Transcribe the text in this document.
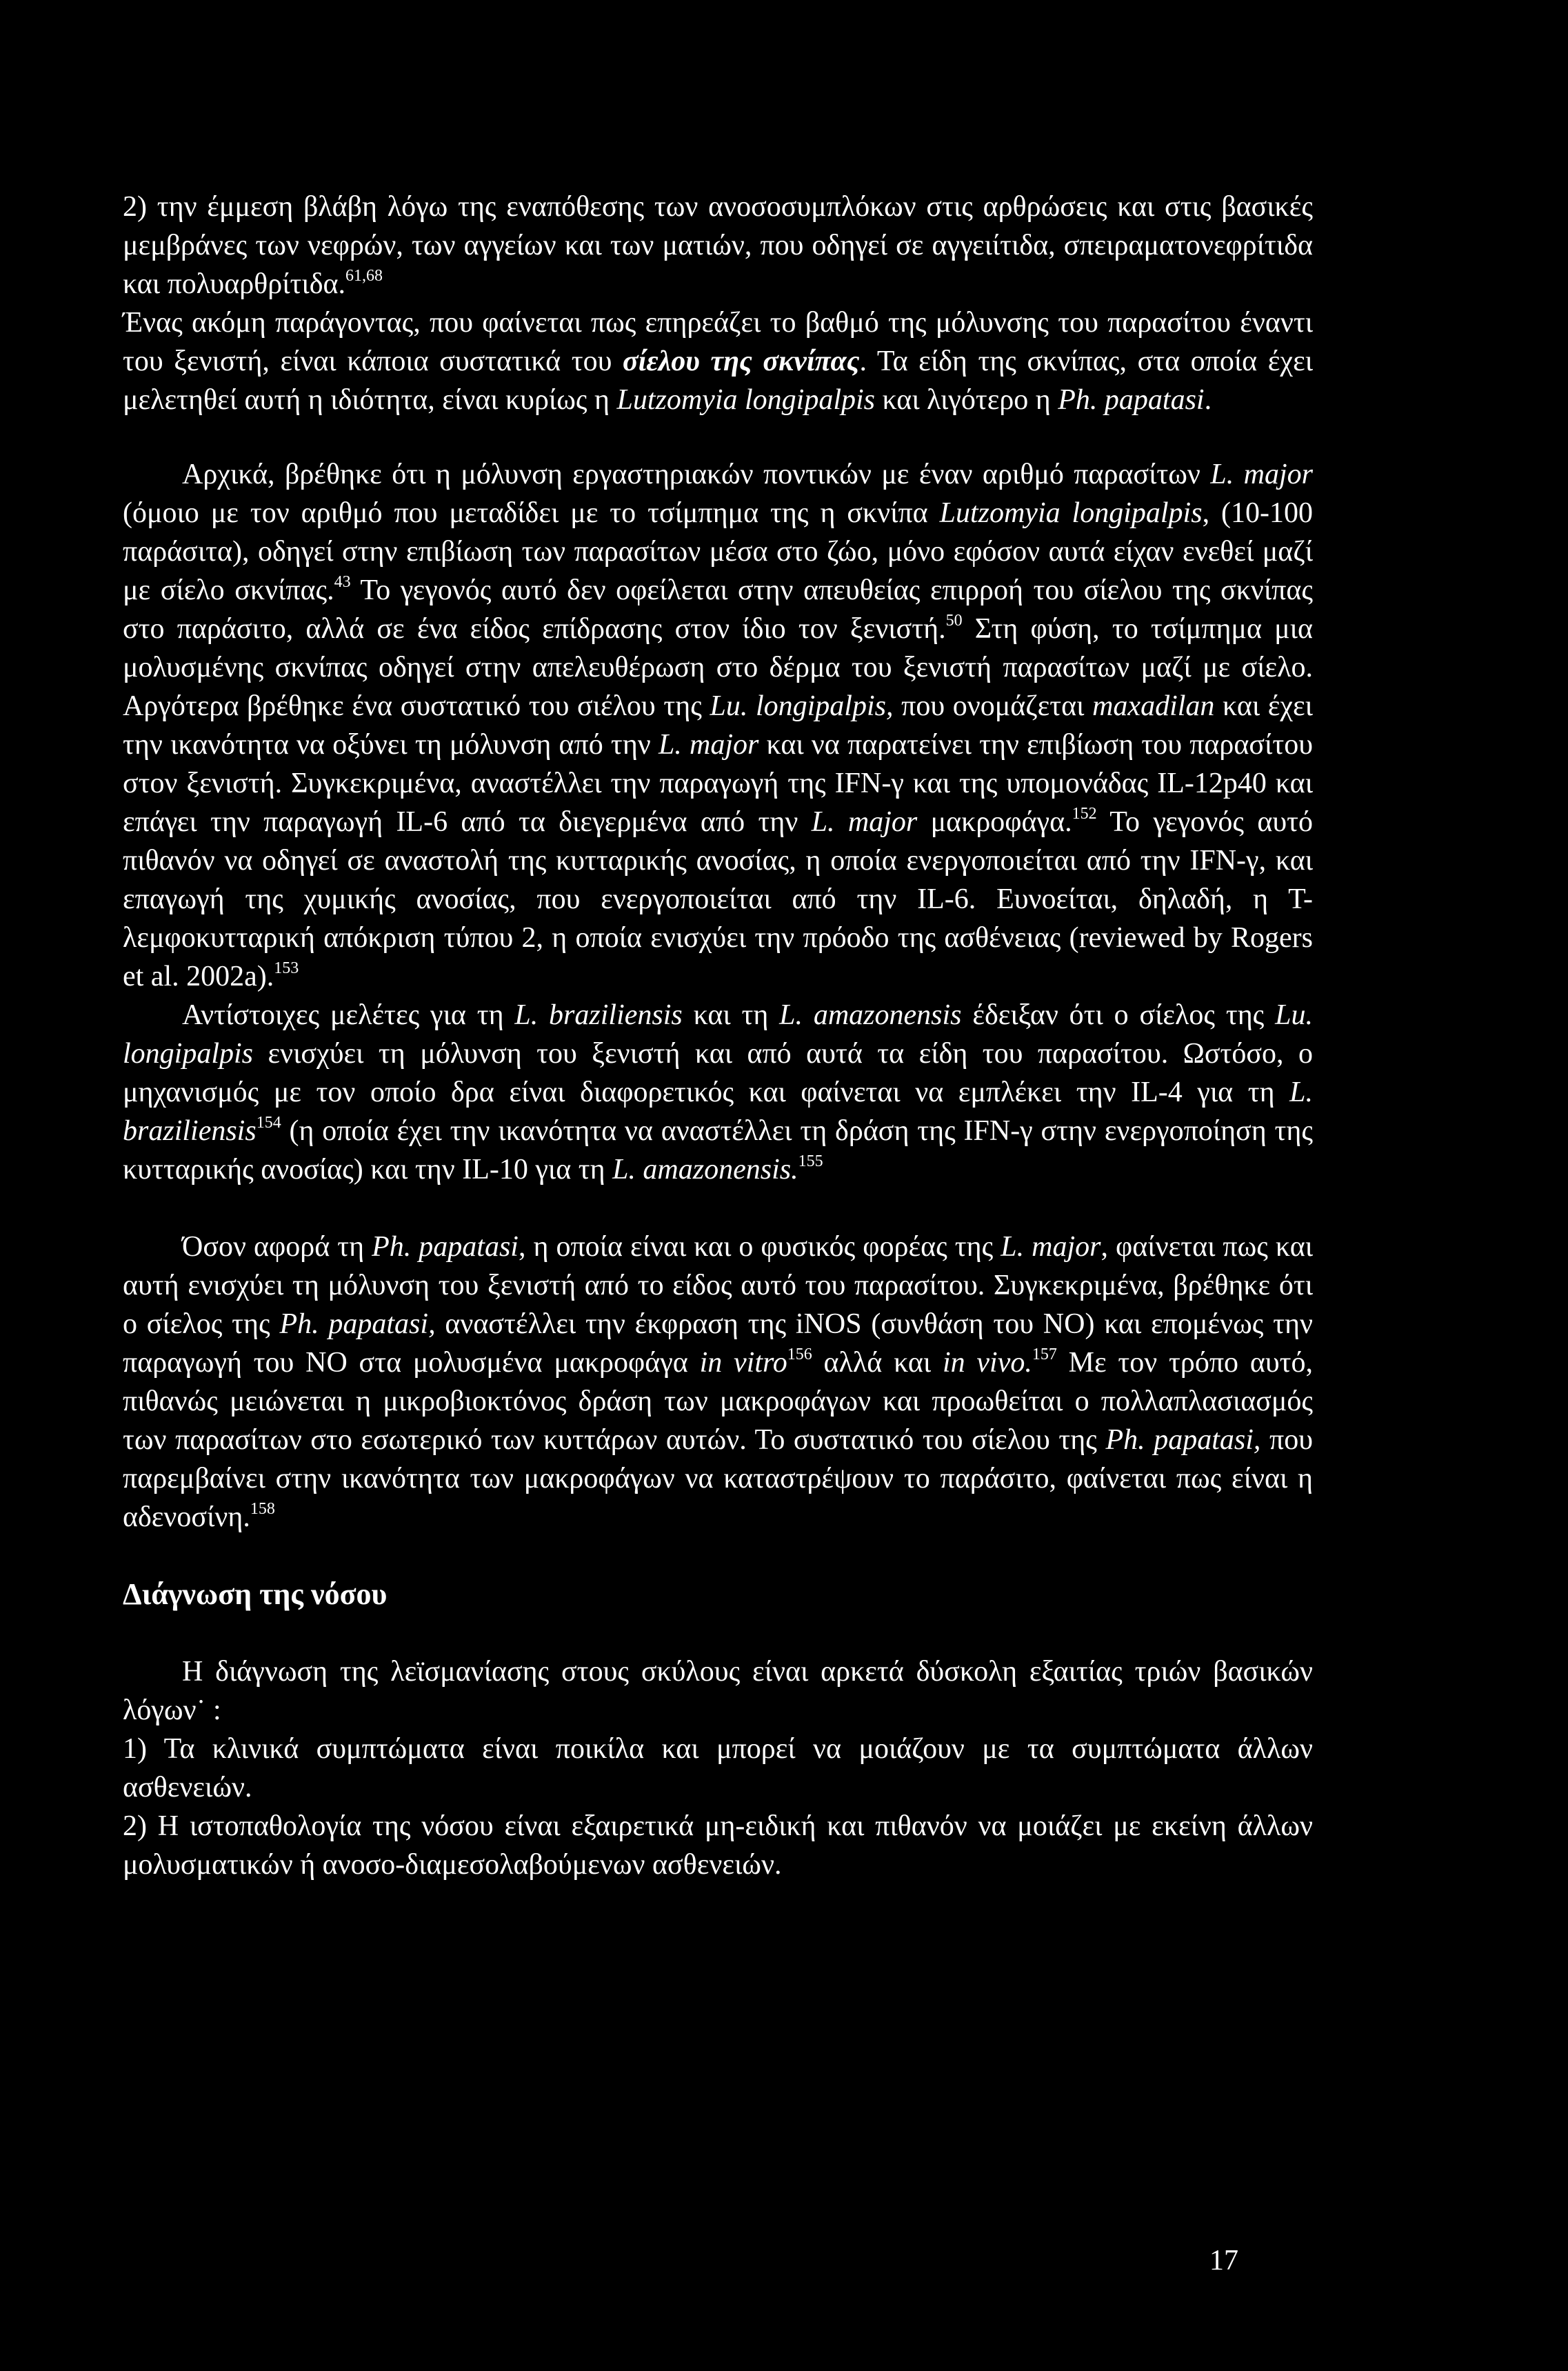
2) την έμμεση βλάβη λόγω της εναπόθεσης των ανοσοσυμπλόκων στις αρθρώσεις και στις βασικές μεμβράνες των νεφρών, των αγγείων και των ματιών, που οδηγεί σε αγγειίτιδα, σπειραματονεφρίτιδα και πολυαρθρίτιδα.$^{61,68}$

Ένας ακόμη παράγοντας, που φαίνεται πως επηρεάζει το βαθμό της μόλυνσης του παρασίτου έναντι του ξενιστή, είναι κάποια συστατικά του σίελου της σκνίπας. Τα είδη της σκνίπας, στα οποία έχει μελετηθεί αυτή η ιδιότητα, είναι κυρίως η Lutzomyia longipalpis και λιγότερο η Ph. papatasi.

Αρχικά, βρέθηκε ότι η μόλυνση εργαστηριακών ποντικών με έναν αριθμό παρασίτων L. major (όμοιο με τον αριθμό που μεταδίδει με το τσίμπημα της η σκνίπα Lutzomyia longipalpis, (10-100 παράσιτα), οδηγεί στην επιβίωση των παρασίτων μέσα στο ζώο, μόνο εφόσον αυτά είχαν ενεθεί μαζί με σίελο σκνίπας.$^{43}$ Το γεγονός αυτό δεν οφείλεται στην απευθείας επιρροή του σίελου της σκνίπας στο παράσιτο, αλλά σε ένα είδος επίδρασης στον ίδιο τον ξενιστή.$^{50}$ Στη φύση, το τσίμπημα μια μολυσμένης σκνίπας οδηγεί στην απελευθέρωση στο δέρμα του ξενιστή παρασίτων μαζί με σίελο. Αργότερα βρέθηκε ένα συστατικό του σιέλου της Lu. longipalpis, που ονομάζεται maxadilan και έχει την ικανότητα να οξύνει τη μόλυνση από την L. major και να παρατείνει την επιβίωση του παρασίτου στον ξενιστή. Συγκεκριμένα, αναστέλλει την παραγωγή της IFN-γ και της υπομονάδας IL-12p40 και επάγει την παραγωγή IL-6 από τα διεγερμένα από την L. major μακροφάγα.$^{152}$ Το γεγονός αυτό πιθανόν να οδηγεί σε αναστολή της κυτταρικής ανοσίας, η οποία ενεργοποιείται από την IFN-γ, και επαγωγή της χυμικής ανοσίας, που ενεργοποιείται από την IL-6. Ευνοείται, δηλαδή, η Τ-λεμφοκυτταρική απόκριση τύπου 2, η οποία ενισχύει την πρόοδο της ασθένειας (reviewed by Rogers et al. 2002a).$^{153}$

Αντίστοιχες μελέτες για τη L. braziliensis και τη L. amazonensis έδειξαν ότι ο σίελος της Lu. longipalpis ενισχύει τη μόλυνση του ξενιστή και από αυτά τα είδη του παρασίτου. Ωστόσο, ο μηχανισμός με τον οποίο δρα είναι διαφορετικός και φαίνεται να εμπλέκει την IL-4 για τη L. braziliensis$^{154}$ (η οποία έχει την ικανότητα να αναστέλλει τη δράση της IFN-γ στην ενεργοποίηση της κυτταρικής ανοσίας) και την IL-10 για τη L. amazonensis.$^{155}$

Όσον αφορά τη Ph. papatasi, η οποία είναι και ο φυσικός φορέας της L. major, φαίνεται πως και αυτή ενισχύει τη μόλυνση του ξενιστή από το είδος αυτό του παρασίτου. Συγκεκριμένα, βρέθηκε ότι ο σίελος της Ph. papatasi, αναστέλλει την έκφραση της iNOS (συνθάση του NO) και επομένως την παραγωγή του NO στα μολυσμένα μακροφάγα in vitro$^{156}$ αλλά και in vivo.$^{157}$ Με τον τρόπο αυτό, πιθανώς μειώνεται η μικροβιοκτόνος δράση των μακροφάγων και προωθείται ο πολλαπλασιασμός των παρασίτων στο εσωτερικό των κυττάρων αυτών. Το συστατικό του σίελου της Ph. papatasi, που παρεμβαίνει στην ικανότητα των μακροφάγων να καταστρέψουν το παράσιτο, φαίνεται πως είναι η αδενοσίνη.$^{158}$

Διάγνωση της νόσου

Η διάγνωση της λεϊσμανίασης στους σκύλους είναι αρκετά δύσκολη εξαιτίας τριών βασικών λόγων˙ :

1) Τα κλινικά συμπτώματα είναι ποικίλα και μπορεί να μοιάζουν με τα συμπτώματα άλλων ασθενειών.

2) Η ιστοπαθολογία της νόσου είναι εξαιρετικά μη-ειδική και πιθανόν να μοιάζει με εκείνη άλλων μολυσματικών ή ανοσο-διαμεσολαβούμενων ασθενειών.

17
